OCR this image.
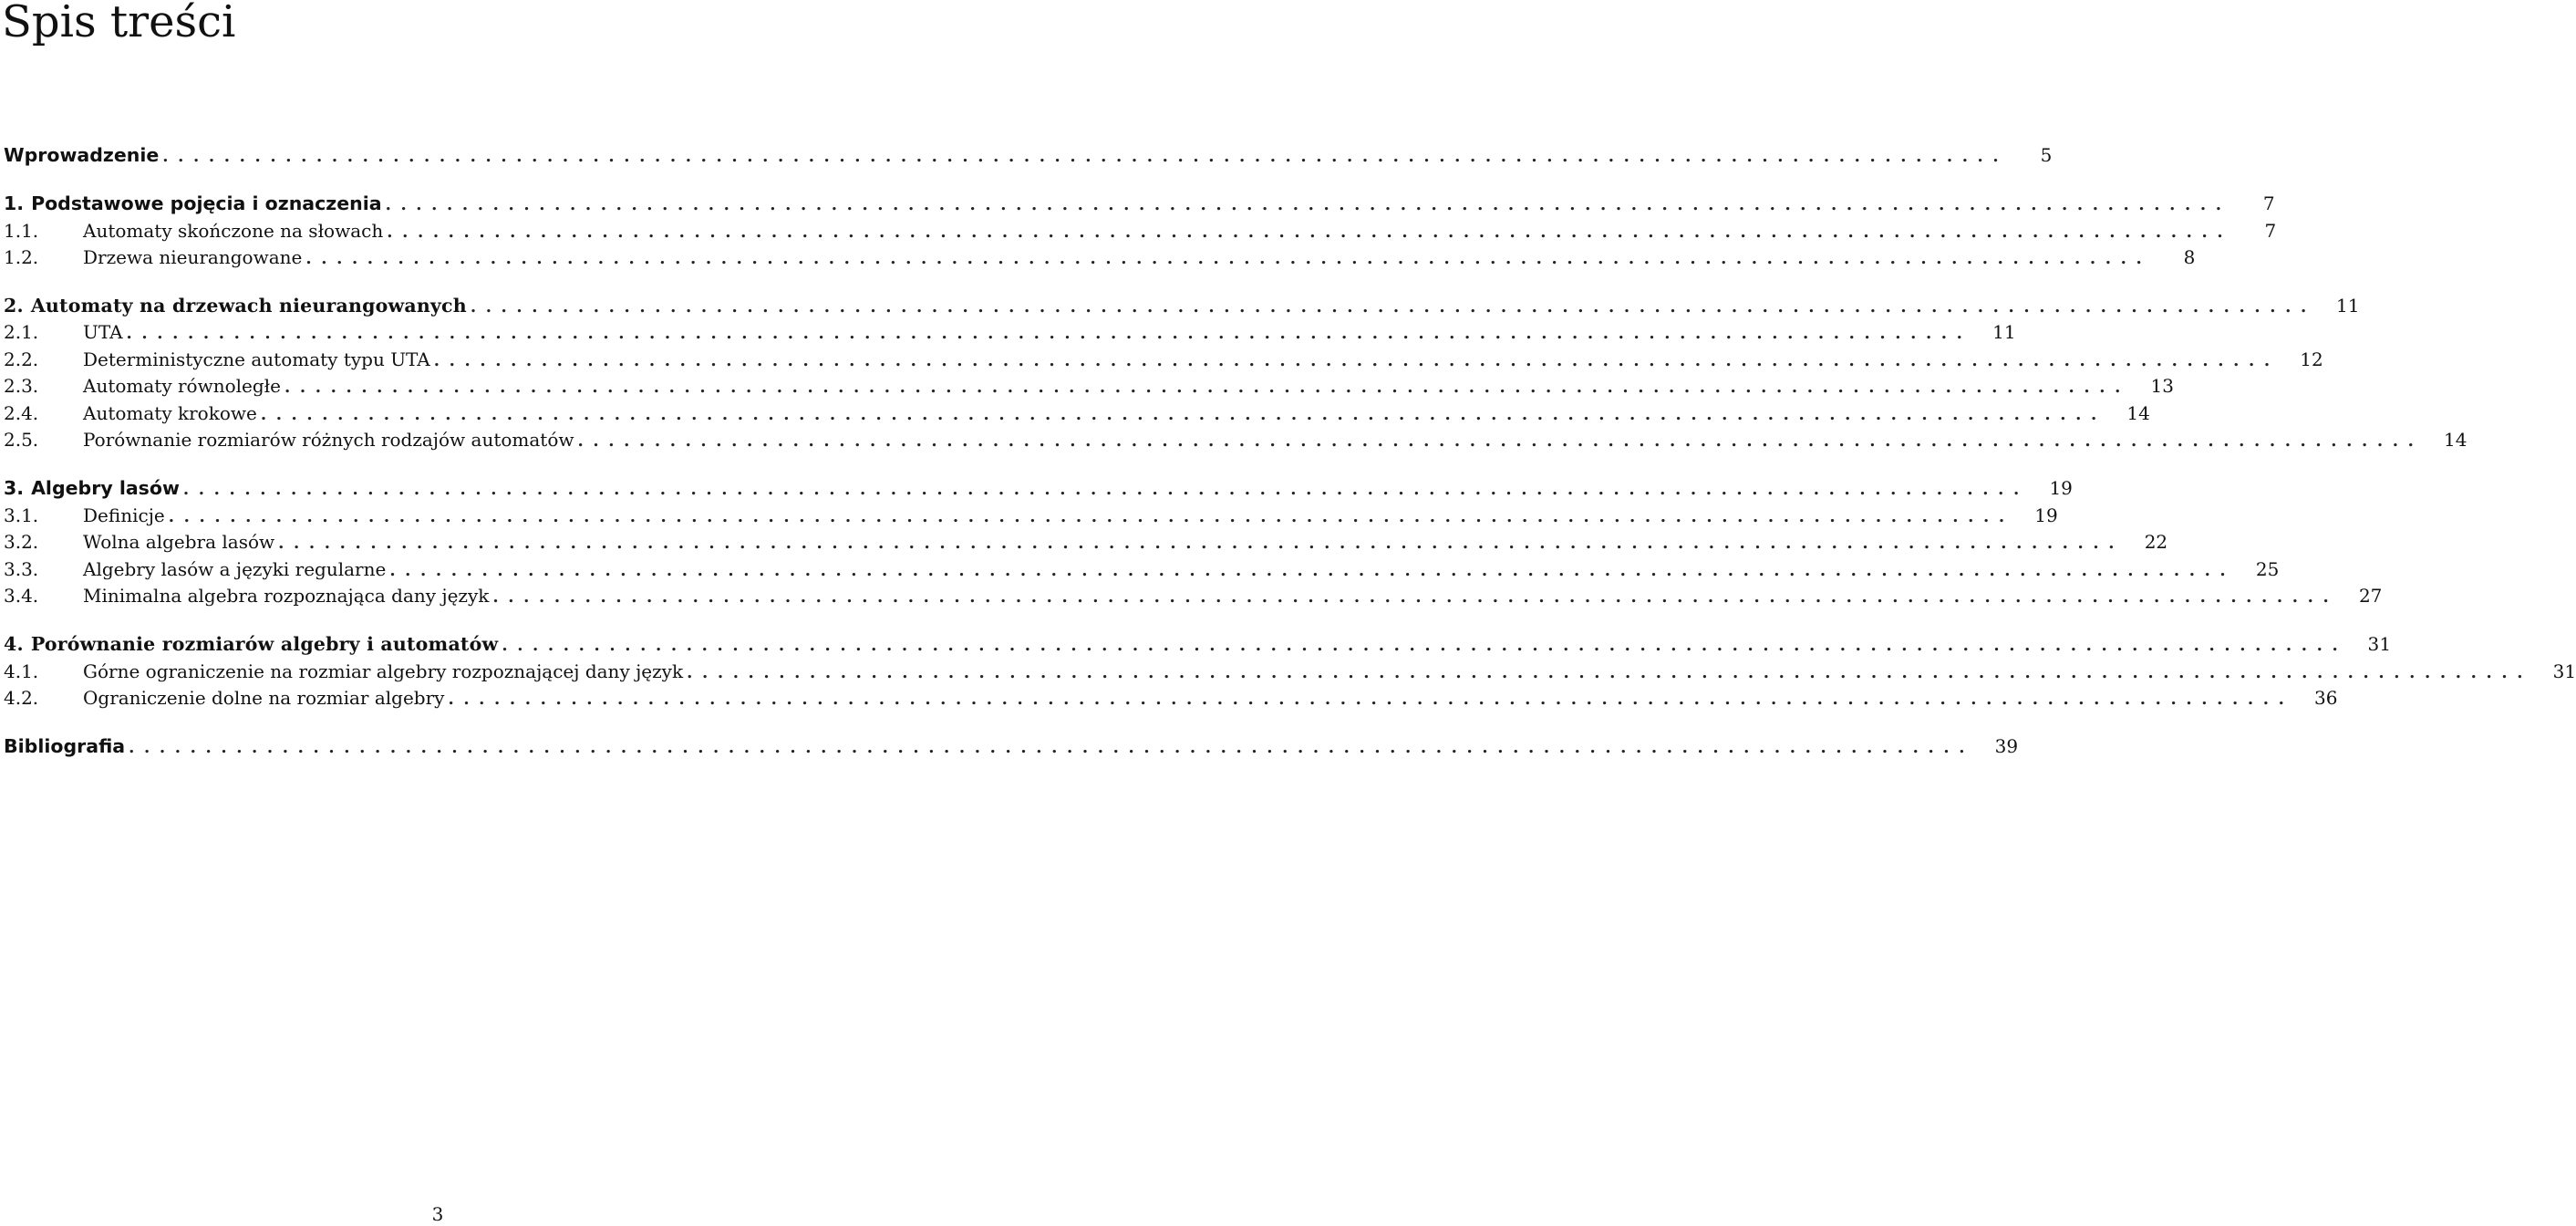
Spis treści
Wprowadzenie ........................................................................................................................	5
1. Podstawowe pojęcia i oznaczenia ........................................................................................................................	7
1.1.	Automaty skończone na słowach ........................................................................................................................	7
1.2.	Drzewa nieurangowane ........................................................................................................................	8
2. Automaty na drzewach nieurangowanych ........................................................................................................................	11
2.1.	UTA ........................................................................................................................	11
2.2.	Deterministyczne automaty typu UTA ........................................................................................................................	12
2.3.	Automaty równoległe ........................................................................................................................	13
2.4.	Automaty krokowe ........................................................................................................................	14
2.5.	Porównanie rozmiarów różnych rodzajów automatów ........................................................................................................................	14
3. Algebry lasów ........................................................................................................................	19
3.1.	Definicje ........................................................................................................................	19
3.2.	Wolna algebra lasów ........................................................................................................................	22
3.3.	Algebry lasów a języki regularne ........................................................................................................................	25
3.4.	Minimalna algebra rozpoznająca dany język ........................................................................................................................	27
4. Porównanie rozmiarów algebry i automatów ........................................................................................................................	31
4.1.	Górne ograniczenie na rozmiar algebry rozpoznającej dany język ........................................................................................................................	31
4.2.	Ograniczenie dolne na rozmiar algebry ........................................................................................................................	36
Bibliografia ........................................................................................................................	39
3
